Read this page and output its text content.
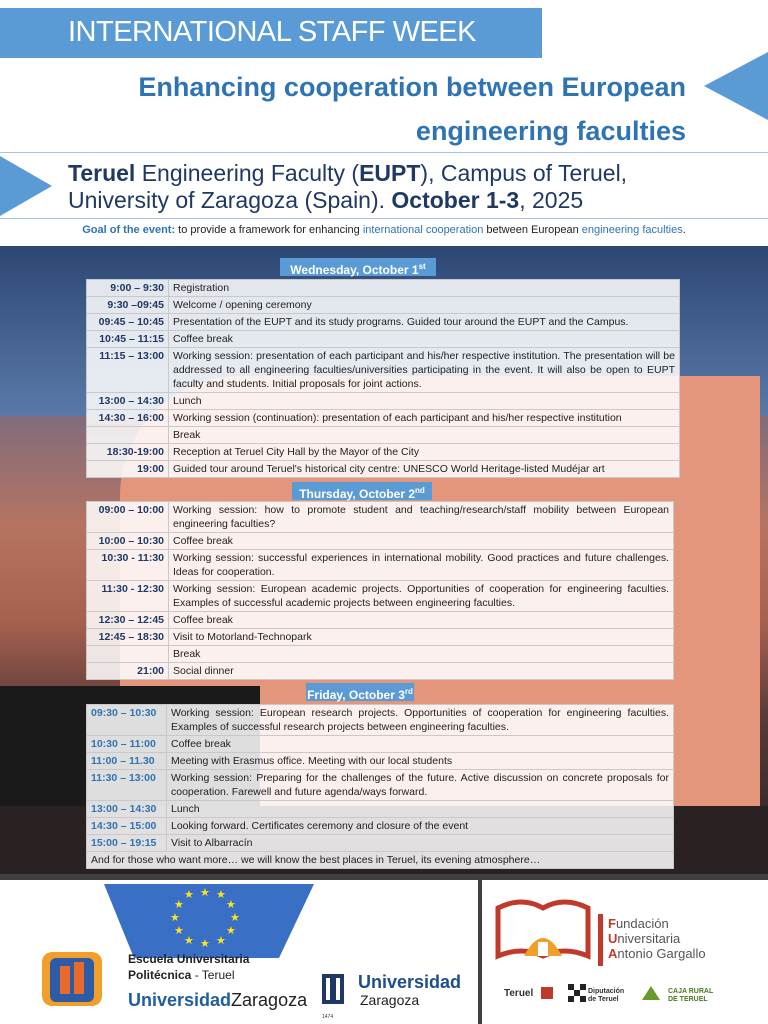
INTERNATIONAL STAFF WEEK
Enhancing cooperation between European
engineering faculties
Teruel Engineering Faculty (EUPT), Campus of Teruel,
University of Zaragoza (Spain). October 1-3, 2025
Goal of the event: to provide a framework for enhancing international cooperation between European engineering faculties.
Wednesday, October 1st
9:00 – 9:30	Registration
9:30 –09:45	Welcome / opening ceremony
09:45 – 10:45	Presentation of the EUPT and its study programs. Guided tour around the EUPT and the Campus.
10:45 – 11:15	Coffee break
11:15 – 13:00	Working session: presentation of each participant and his/her respective institution. The presentation will be addressed to all engineering faculties/universities participating in the event. It will also be open to EUPT faculty and students. Initial proposals for joint actions.
13:00 – 14:30	Lunch
14:30 – 16:00	Working session (continuation): presentation of each participant and his/her respective institution
	Break
18:30-19:00	Reception at Teruel City Hall by the Mayor of the City
19:00	Guided tour around Teruel's historical city centre: UNESCO World Heritage-listed Mudéjar art
Thursday, October 2nd
09:00 – 10:00	Working session: how to promote student and teaching/research/staff mobility between European engineering faculties?
10:00 – 10:30	Coffee break
10:30 - 11:30	Working session: successful experiences in international mobility. Good practices and future challenges. Ideas for cooperation.
11:30 - 12:30	Working session: European academic projects. Opportunities of cooperation for engineering faculties. Examples of successful academic projects between engineering faculties.
12:30 – 12:45	Coffee break
12:45 – 18:30	Visit to Motorland-Technopark
	Break
21:00	Social dinner
Friday, October 3rd
09:30 – 10:30	Working session: European research projects. Opportunities of cooperation for engineering faculties. Examples of successful research projects between engineering faculties.
10:30 – 11:00	Coffee break
11:00 – 11.30	Meeting with Erasmus office. Meeting with our local students
11:30 – 13:00	Working session: Preparing for the challenges of the future. Active discussion on concrete proposals for cooperation. Farewell and future agenda/ways forward.
13:00 – 14:30	Lunch
14:30 – 15:00	Looking forward. Certificates ceremony and closure of the event
15:00 – 19:15	Visit to Albarracín
And for those who want more… we will know the best places in Teruel, its evening atmosphere…	
★ ★
★
★
★
★
★
★
★
★
★
★
Escuela Universitaria
Politécnica - Teruel
UniversidadZaragoza
1474
Universidad
Zaragoza
Fundación
Universitaria
Antonio Gargallo
Teruel	Diputación de Teruel
CAJA RURAL DE TERUEL
